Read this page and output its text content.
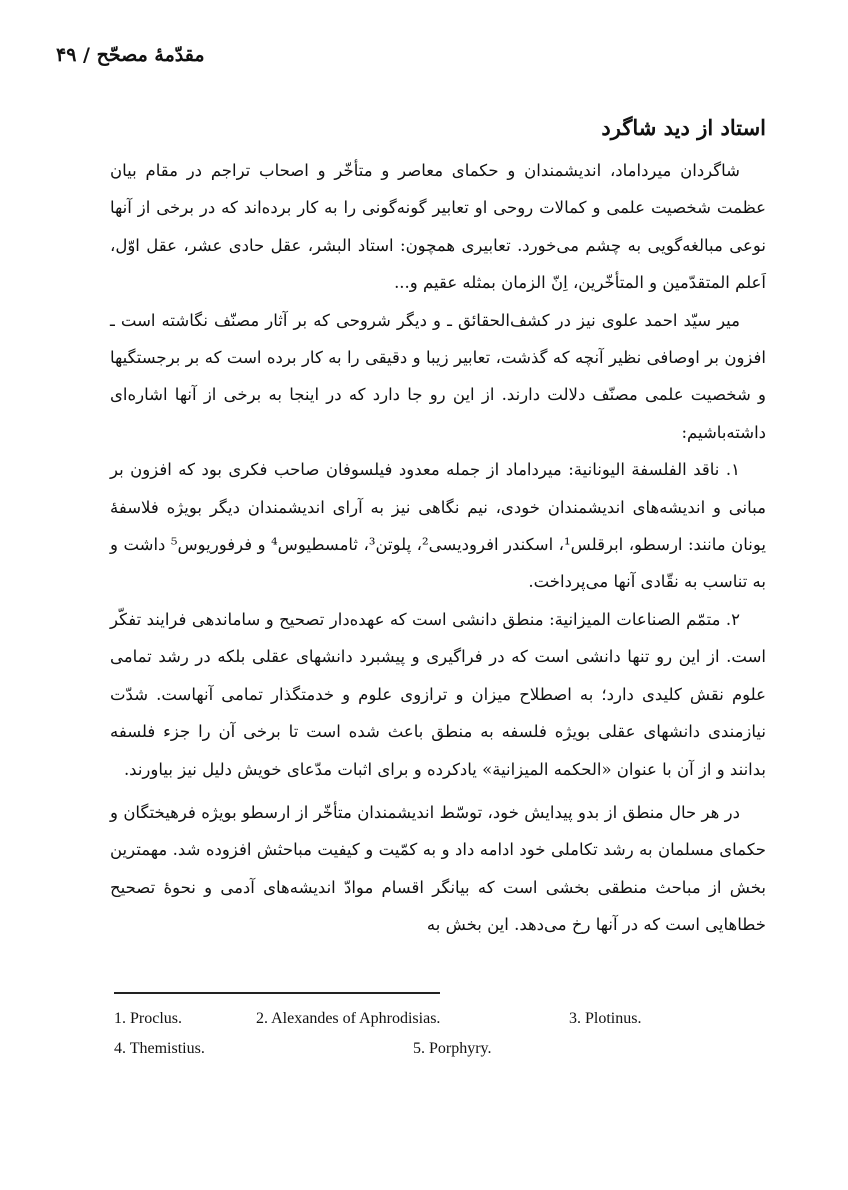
مقدّمهٔ مصحّح / ۴۹
استاد از دید شاگرد

شاگردان میرداماد، اندیشمندان و حکمای معاصر و متأخّر و اصحاب تراجم در مقام بیان عظمت شخصیت علمی و کمالات روحی او تعابیر گونه‌گونی را به کار برده‌اند که در برخی از آنها نوعی مبالغه‌گویی به چشم می‌خورد. تعابیری همچون: استاد البشر، عقل حادی عشر، عقل اوّل، اَعلم المتقدّمین و المتأخّرین، اِنّ الزمان بمثله عقیم و...

میر سیّد احمد علوی نیز در کشف‌الحقائق ـ و دیگر شروحی که بر آثار مصنّف نگاشته است ـ افزون بر اوصافی نظیر آنچه که گذشت، تعابیر زیبا و دقیقی را به کار برده است که بر برجستگیها و شخصیت علمی مصنّف دلالت دارند. از این رو جا دارد که در اینجا به برخی از آنها اشاره‌ای داشته‌باشیم:

۱. ناقد الفلسفة الیونانیة: میرداماد از جمله معدود فیلسوفان صاحب فکری بود که افزون بر مبانی و اندیشه‌های اندیشمندان خودی، نیم نگاهی نیز به آرای اندیشمندان دیگر بویژه فلاسفهٔ یونان مانند: ارسطو، ابرقلس¹، اسکندر افرودیسی²، پلوتن³، ثامسطیوس⁴ و فرفوریوس⁵ داشت و به تناسب به نقّادی آنها می‌پرداخت.

۲. متمّم الصناعات المیزانیة: منطق دانشی است که عهده‌دار تصحیح و ساماندهی فرایند تفکّر است. از این رو تنها دانشی است که در فراگیری و پیشبرد دانشهای عقلی بلکه در رشد تمامی علوم نقش کلیدی دارد؛ به اصطلاح میزان و ترازوی علوم و خدمتگذار تمامی آنهاست. شدّت نیازمندی دانشهای عقلی بویژه فلسفه به منطق باعث شده است تا برخی آن را جزء فلسفه بدانند و از آن با عنوان «الحکمه المیزانیة» یادکرده و برای اثبات مدّعای خویش دلیل نیز بیاورند.

در هر حال منطق از بدو پیدایش خود، توسّط اندیشمندان متأخّر از ارسطو بویژه فرهیختگان و حکمای مسلمان به رشد تکاملی خود ادامه داد و به کمّیت و کیفیت مباحثش افزوده شد. مهمترین بخش از مباحث منطقی بخشی است که بیانگر اقسام موادّ اندیشه‌های آدمی و نحوهٔ تصحیح خطاهایی است که در آنها رخ می‌دهد. این بخش به

1. Proclus.	2. Alexandes of Aphrodisias.	3. Plotinus.
4. Themistius.	5. Porphyry.
